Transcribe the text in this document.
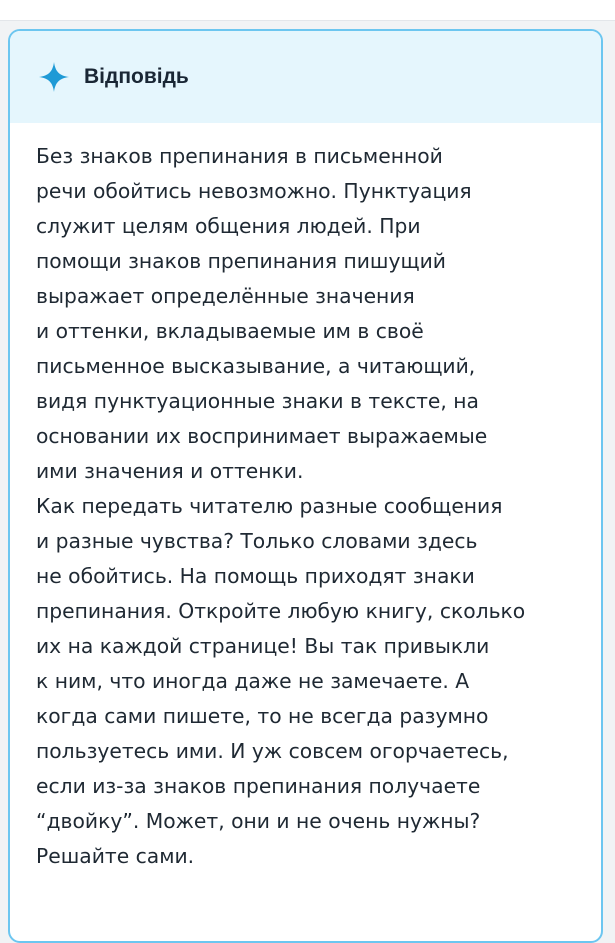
Відповідь
Без знаков препинания в письменной
речи обойтись невозможно. Пунктуация
служит целям общения людей. При
помощи знаков препинания пишущий
выражает определённые значения
и оттенки, вкладываемые им в своё
письменное высказывание, а читающий,
видя пунктуационные знаки в тексте, на
основании их воспринимает выражаемые
ими значения и оттенки.
Как передать читателю разные сообщения
и разные чувства? Только словами здесь
не обойтись. На помощь приходят знаки
препинания. Откройте любую книгу, сколько
их на каждой странице! Вы так привыкли
к ним, что иногда даже не замечаете. А
когда сами пишете, то не всегда разумно
пользуетесь ими. И уж совсем огорчаетесь,
если из-за знаков препинания получаете
“двойку”. Может, они и не очень нужны?
Решайте сами.
